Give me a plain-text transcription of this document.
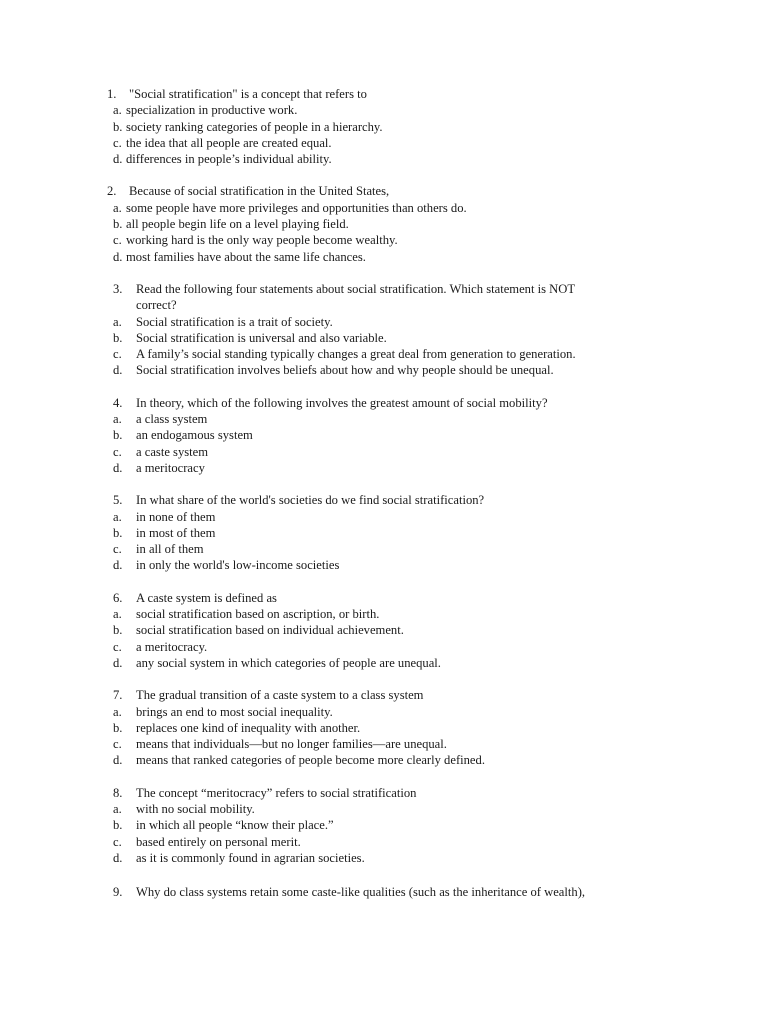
1. "Social stratification" is a concept that refers to
a. specialization in productive work.
b. society ranking categories of people in a hierarchy.
c. the idea that all people are created equal.
d. differences in people’s individual ability.
2. Because of social stratification in the United States,
a. some people have more privileges and opportunities than others do.
b. all people begin life on a level playing field.
c. working hard is the only way people become wealthy.
d. most families have about the same life chances.
3. Read the following four statements about social stratification. Which statement is NOT
correct?
a. Social stratification is a trait of society.
b. Social stratification is universal and also variable.
c. A family’s social standing typically changes a great deal from generation to generation.
d. Social stratification involves beliefs about how and why people should be unequal.
4. In theory, which of the following involves the greatest amount of social mobility?
a. a class system
b. an endogamous system
c. a caste system
d. a meritocracy
5. In what share of the world's societies do we find social stratification?
a. in none of them
b. in most of them
c. in all of them
d. in only the world's low-income societies
6. A caste system is defined as
a. social stratification based on ascription, or birth.
b. social stratification based on individual achievement.
c. a meritocracy.
d. any social system in which categories of people are unequal.
7. The gradual transition of a caste system to a class system
a. brings an end to most social inequality.
b. replaces one kind of inequality with another.
c. means that individuals—but no longer families—are unequal.
d. means that ranked categories of people become more clearly defined.
8. The concept “meritocracy” refers to social stratification
a. with no social mobility.
b. in which all people “know their place.”
c. based entirely on personal merit.
d. as it is commonly found in agrarian societies.
9. Why do class systems retain some caste-like qualities (such as the inheritance of wealth),
